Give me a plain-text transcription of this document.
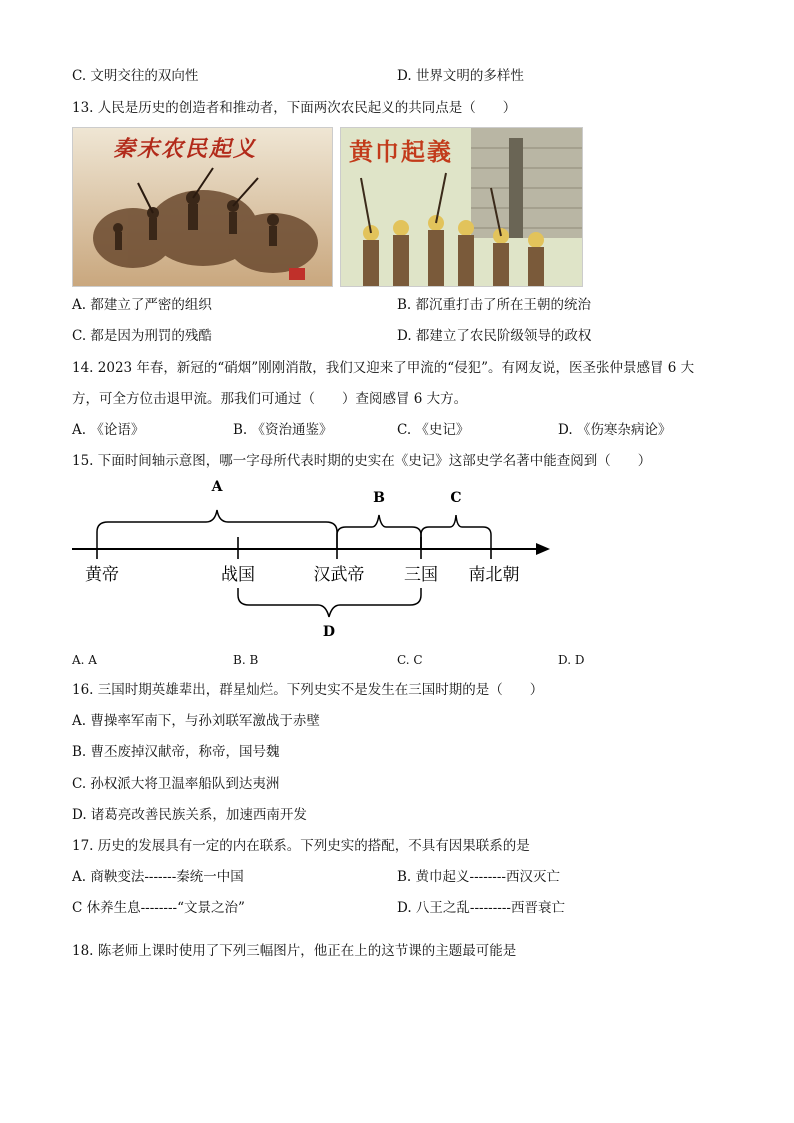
C. 文明交往的双向性	D. 世界文明的多样性
13. 人民是历史的创造者和推动者，下面两次农民起义的共同点是（　　）
秦末农民起义	黄巾起義
A. 都建立了严密的组织	B. 都沉重打击了所在王朝的统治
C. 都是因为刑罚的残酷	D. 都建立了农民阶级领导的政权
14. 2023 年春，新冠的“硝烟”刚刚消散，我们又迎来了甲流的“侵犯”。有网友说，医圣张仲景感冒 6 大
方，可全方位击退甲流。那我们可通过（　　）查阅感冒 6 大方。
A. 《论语》	B. 《资治通鉴》	C. 《史记》	D. 《伤寒杂病论》
15. 下面时间轴示意图，哪一字母所代表时期的史实在《史记》这部史学名著中能查阅到（　　）
A
B	C
D
黄帝	战国	汉武帝 三国 南北朝
A. A	B. B	C. C	D. D
16. 三国时期英雄辈出，群星灿烂。下列史实不是发生在三国时期的是（　　）
A. 曹操率军南下，与孙刘联军激战于赤壁
B. 曹丕废掉汉献帝，称帝，国号魏
C. 孙权派大将卫温率船队到达夷洲
D. 诸葛亮改善民族关系，加速西南开发
17. 历史的发展具有一定的内在联系。下列史实的搭配，不具有因果联系的是
A. 商鞅变法-------秦统一中国	B. 黄巾起义--------西汉灭亡
C 休养生息--------“文景之治”	D. 八王之乱---------西晋衰亡
18. 陈老师上课时使用了下列三幅图片，他正在上的这节课的主题最可能是
